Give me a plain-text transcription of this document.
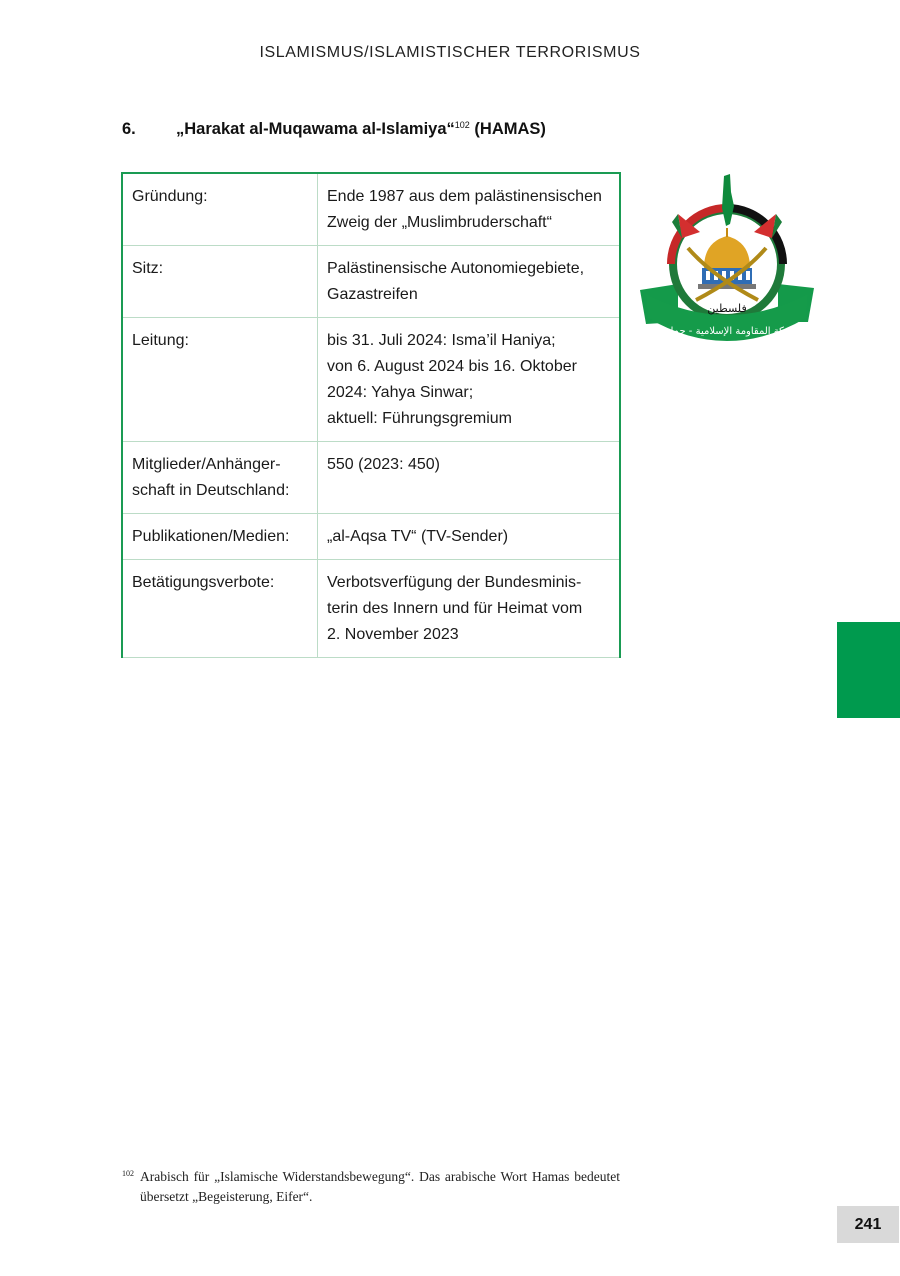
ISLAMISMUS/ISLAMISTISCHER TERRORISMUS
6. „Harakat al-Muqawama al-Islamiya“$^{102}$ (HAMAS)
Gründung:	Ende 1987 aus dem palästinensischen
Zweig der „Muslimbruderschaft“

Sitz:	Palästinensische Autonomiegebiete,
Gazastreifen

Leitung:	bis 31. Juli 2024: Isma’il Haniya;
von 6. August 2024 bis 16. Oktober
2024: Yahya Sinwar;
aktuell: Führungsgremium

Mitglieder/Anhänger-
schaft in Deutschland:	550 (2023: 450)

Publikationen/Medien:	„al-Aqsa TV“ (TV-Sender)

Betätigungsverbote:	Verbotsverfügung der Bundesminis-
terin des Innern und für Heimat vom
2. November 2023
حركة المقاومة الإسلامية - حماس
فلسطين
102 Arabisch für „Islamische Widerstandsbewegung“. Das arabische Wort Hamas bedeutet übersetzt „Begeisterung, Eifer“.
241
